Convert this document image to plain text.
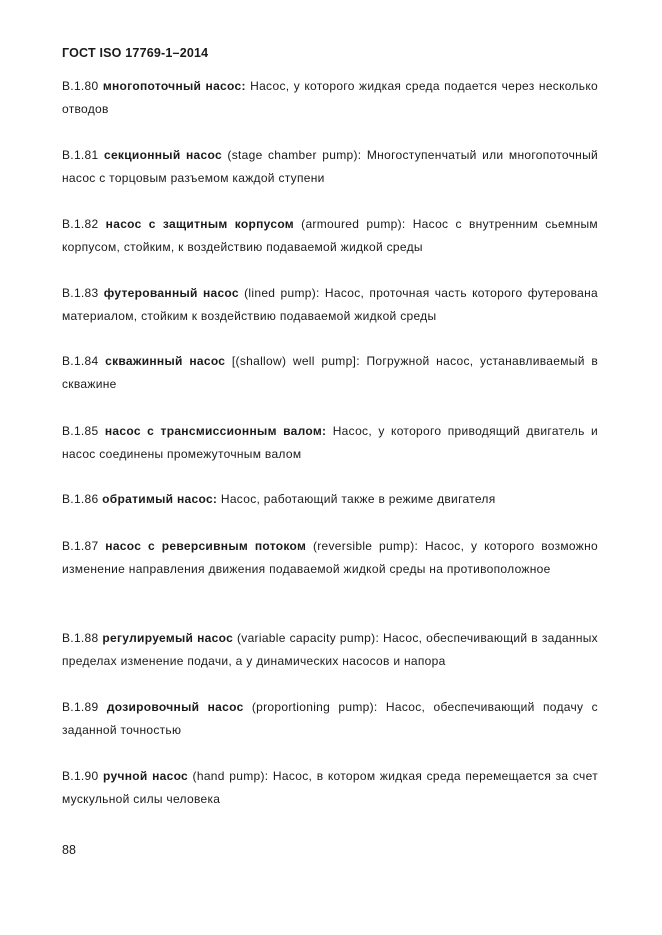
ГОСТ ISO 17769-1–2014
B.1.80 многопоточный насос: Насос, у которого жидкая среда подается через несколько отводов
B.1.81 секционный насос (stage chamber pump): Многоступенчатый или многопоточный насос с торцовым разъемом каждой ступени
B.1.82 насос с защитным корпусом (armoured pump): Насос с внутренним сьемным корпусом, стойким, к воздействию подаваемой жидкой среды
B.1.83 футерованный насос (lined pump): Насос, проточная часть которого футерована материалом, стойким к воздействию подаваемой жидкой среды
B.1.84 скважинный насос [(shallow) well pump]: Погружной насос, устанавливаемый в скважине
B.1.85 насос с трансмиссионным валом: Насос, у которого приводящий двигатель и насос соединены промежуточным валом
B.1.86 обратимый насос: Насос, работающий также в режиме двигателя
B.1.87 насос с реверсивным потоком (reversible pump): Насос, у которого возможно изменение направления движения подаваемой жидкой среды на противоположное
B.1.88 регулируемый насос (variable capacity pump): Насос, обеспечивающий в заданных пределах изменение подачи, а у динамических насосов и напора
B.1.89 дозировочный насос (proportioning pump): Насос, обеспечивающий подачу с заданной точностью
B.1.90 ручной насос (hand pump): Насос, в котором жидкая среда перемещается за счет мускульной силы человека
88
